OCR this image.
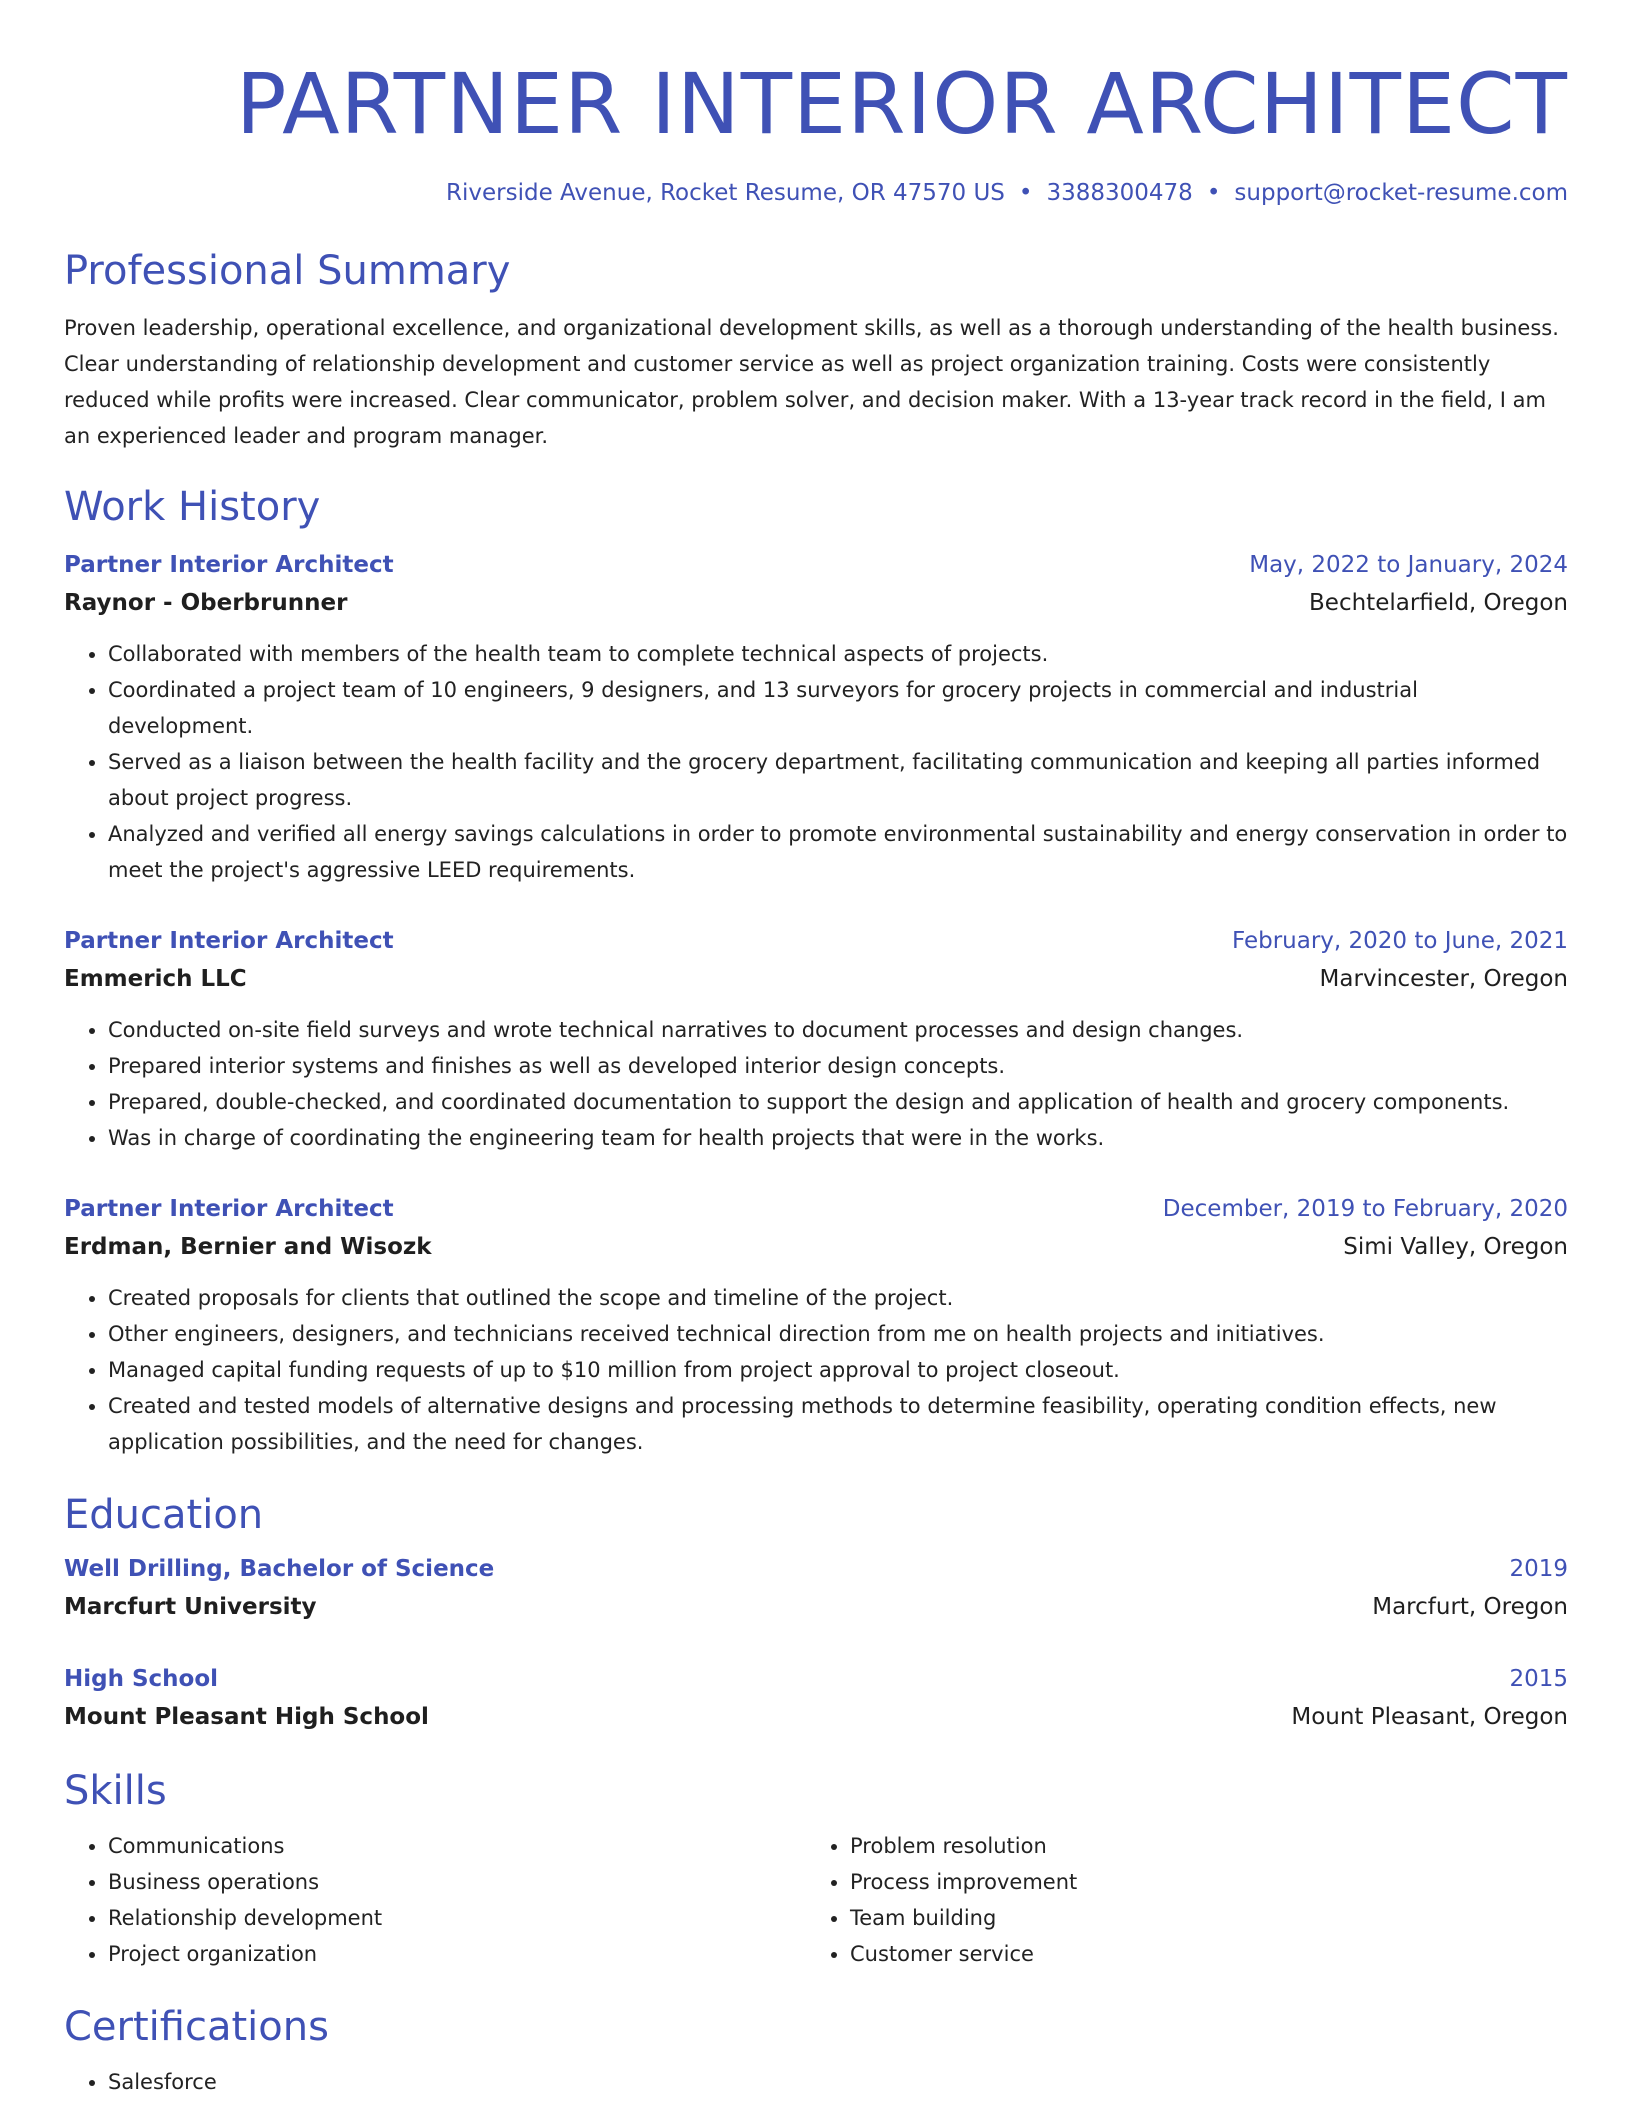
PARTNER INTERIOR ARCHITECT
Riverside Avenue, Rocket Resume, OR 47570 US • 3388300478 • support@rocket-resume.com
Professional Summary
Proven leadership, operational excellence, and organizational development skills, as well as a thorough understanding of the health business. Clear understanding of relationship development and customer service as well as project organization training. Costs were consistently reduced while profits were increased. Clear communicator, problem solver, and decision maker. With a 13-year track record in the field, I am an experienced leader and program manager.
Work History
Partner Interior Architect	May, 2022 to January, 2024
Raynor - Oberbrunner	Bechtelarfield, Oregon
• Collaborated with members of the health team to complete technical aspects of projects.
• Coordinated a project team of 10 engineers, 9 designers, and 13 surveyors for grocery projects in commercial and industrial development.
• Served as a liaison between the health facility and the grocery department, facilitating communication and keeping all parties informed about project progress.
• Analyzed and verified all energy savings calculations in order to promote environmental sustainability and energy conservation in order to meet the project's aggressive LEED requirements.
Partner Interior Architect	February, 2020 to June, 2021
Emmerich LLC	Marvincester, Oregon
• Conducted on-site field surveys and wrote technical narratives to document processes and design changes.
• Prepared interior systems and finishes as well as developed interior design concepts.
• Prepared, double-checked, and coordinated documentation to support the design and application of health and grocery components.
• Was in charge of coordinating the engineering team for health projects that were in the works.
Partner Interior Architect	December, 2019 to February, 2020
Erdman, Bernier and Wisozk	Simi Valley, Oregon
• Created proposals for clients that outlined the scope and timeline of the project.
• Other engineers, designers, and technicians received technical direction from me on health projects and initiatives.
• Managed capital funding requests of up to $10 million from project approval to project closeout.
• Created and tested models of alternative designs and processing methods to determine feasibility, operating condition effects, new application possibilities, and the need for changes.
Education
Well Drilling, Bachelor of Science	2019
Marcfurt University	Marcfurt, Oregon
High School	2015
Mount Pleasant High School	Mount Pleasant, Oregon
Skills
• Communications
• Business operations
• Relationship development
• Project organization
• Problem resolution
• Process improvement
• Team building
• Customer service
Certifications
• Salesforce
